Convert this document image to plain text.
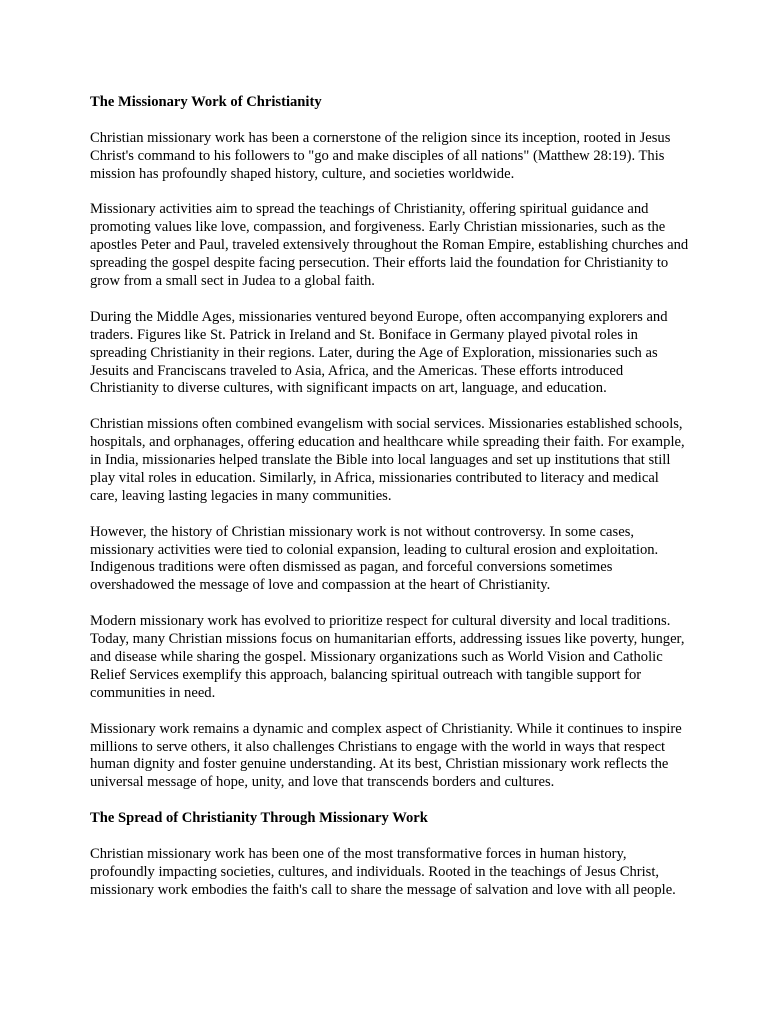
The Missionary Work of Christianity

Christian missionary work has been a cornerstone of the religion since its inception, rooted in Jesus Christ's command to his followers to "go and make disciples of all nations" (Matthew 28:19). This mission has profoundly shaped history, culture, and societies worldwide.

Missionary activities aim to spread the teachings of Christianity, offering spiritual guidance and promoting values like love, compassion, and forgiveness. Early Christian missionaries, such as the apostles Peter and Paul, traveled extensively throughout the Roman Empire, establishing churches and spreading the gospel despite facing persecution. Their efforts laid the foundation for Christianity to grow from a small sect in Judea to a global faith.

During the Middle Ages, missionaries ventured beyond Europe, often accompanying explorers and traders. Figures like St. Patrick in Ireland and St. Boniface in Germany played pivotal roles in spreading Christianity in their regions. Later, during the Age of Exploration, missionaries such as Jesuits and Franciscans traveled to Asia, Africa, and the Americas. These efforts introduced Christianity to diverse cultures, with significant impacts on art, language, and education.

Christian missions often combined evangelism with social services. Missionaries established schools, hospitals, and orphanages, offering education and healthcare while spreading their faith. For example, in India, missionaries helped translate the Bible into local languages and set up institutions that still play vital roles in education. Similarly, in Africa, missionaries contributed to literacy and medical care, leaving lasting legacies in many communities.

However, the history of Christian missionary work is not without controversy. In some cases, missionary activities were tied to colonial expansion, leading to cultural erosion and exploitation. Indigenous traditions were often dismissed as pagan, and forceful conversions sometimes overshadowed the message of love and compassion at the heart of Christianity.

Modern missionary work has evolved to prioritize respect for cultural diversity and local traditions. Today, many Christian missions focus on humanitarian efforts, addressing issues like poverty, hunger, and disease while sharing the gospel. Missionary organizations such as World Vision and Catholic Relief Services exemplify this approach, balancing spiritual outreach with tangible support for communities in need.

Missionary work remains a dynamic and complex aspect of Christianity. While it continues to inspire millions to serve others, it also challenges Christians to engage with the world in ways that respect human dignity and foster genuine understanding. At its best, Christian missionary work reflects the universal message of hope, unity, and love that transcends borders and cultures.

The Spread of Christianity Through Missionary Work

Christian missionary work has been one of the most transformative forces in human history, profoundly impacting societies, cultures, and individuals. Rooted in the teachings of Jesus Christ, missionary work embodies the faith's call to share the message of salvation and love with all people.
